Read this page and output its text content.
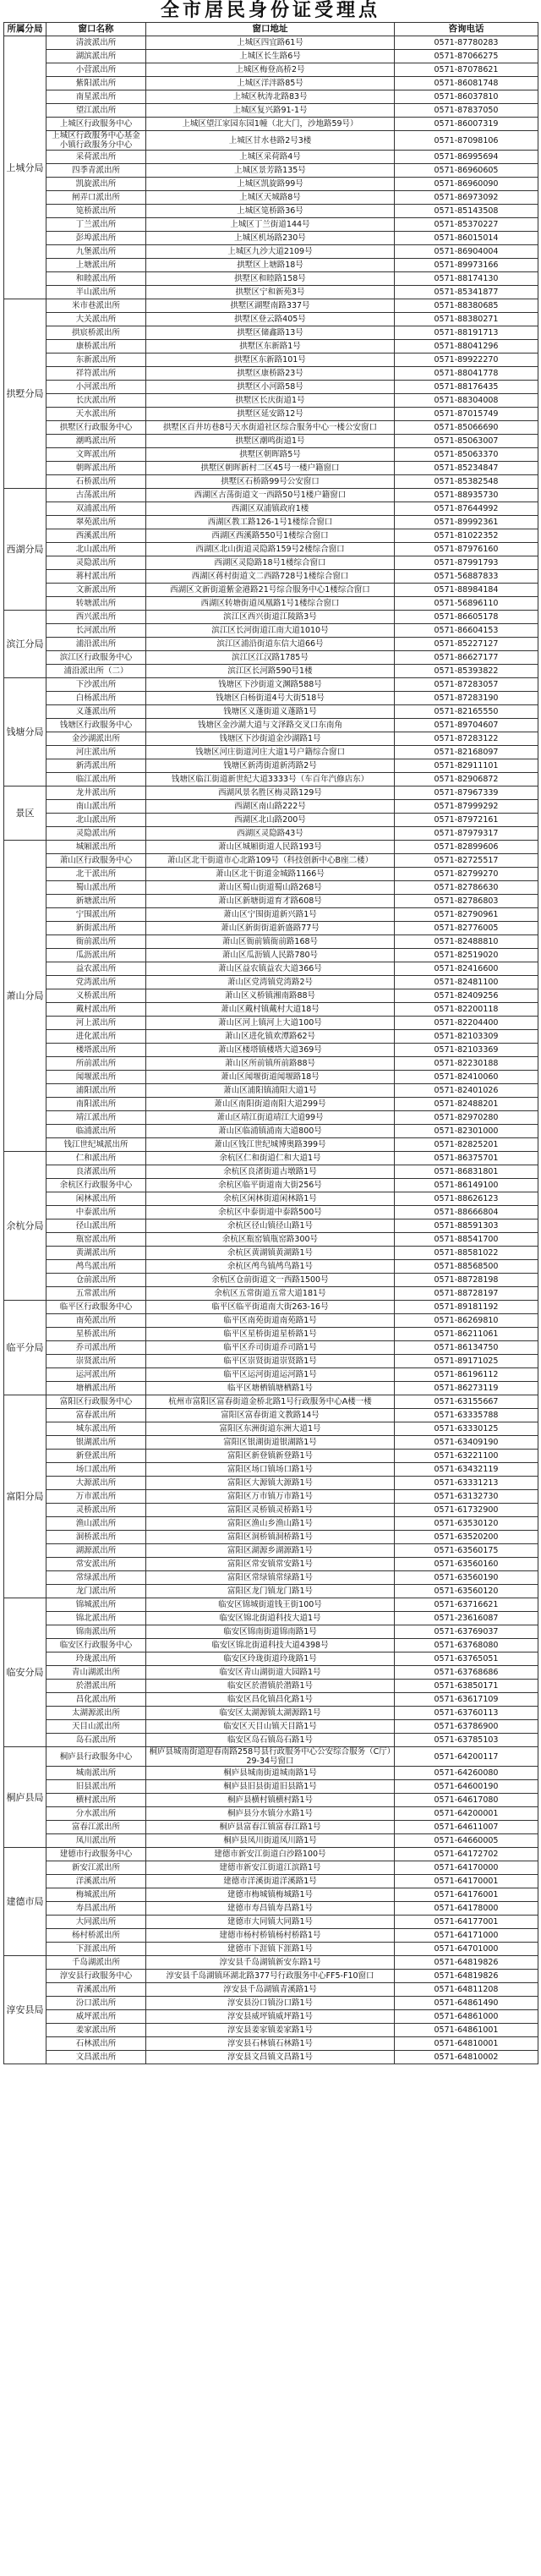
全市居民身份证受理点
所属分局	窗口名称	窗口地址	咨询电话
上城分局	清波派出所	上城区四宜路61号	0571-87780283
	湖滨派出所	上城区长生路6号	0571-87066275
	小营派出所	上城区梅登高桥2号	0571-87078621
	紫阳派出所	上城区洋泮路85号	0571-86081748
	南星派出所	上城区秋涛北路83号	0571-86037810
	望江派出所	上城区复兴路91-1号	0571-87837050
	上城区行政服务中心	上城区望江家园东园1幢（北大门，沙地路59号）	0571-86007319
	上城区行政服务中心基金小镇行政服务分中心	上城区甘水巷路2号3楼	0571-87098106
	采荷派出所	上城区采荷路4号	0571-86995694
	四季青派出所	上城区景芳路135号	0571-86960605
	凯旋派出所	上城区凯旋路99号	0571-86960090
	闸弄口派出所	上城区天城路8号	0571-86973092
	笕桥派出所	上城区笕桥路36号	0571-85143508
	丁兰派出所	上城区丁兰街道144号	0571-85370227
	彭埠派出所	上城区机场路230号	0571-86015014
	九堡派出所	上城区九沙大道2109号	0571-86904004
	上塘派出所	拱墅区上塘路18号	0571-89973166
	和睦派出所	拱墅区和睦路158号	0571-88174130
	半山派出所	拱墅区宁和新苑3号	0571-85341877
拱墅分局	米市巷派出所	拱墅区湖墅南路337号	0571-88380685
	大关派出所	拱墅区登云路405号	0571-88380271
	拱宸桥派出所	拱墅区储鑫路13号	0571-88191713
	康桥派出所	拱墅区东新路1号	0571-88041296
	东新派出所	拱墅区东新路101号	0571-89922270
	祥符派出所	拱墅区康桥路23号	0571-88041778
	小河派出所	拱墅区小河路58号	0571-88176435
	长庆派出所	拱墅区长庆街道1号	0571-88304008
	天水派出所	拱墅区延安路12号	0571-87015749
	拱墅区行政服务中心	拱墅区百井坊巷8号天水街道社区综合服务中心一楼公安窗口	0571-85066690
	潮鸣派出所	拱墅区潮鸣街道1号	0571-85063007
	文晖派出所	拱墅区朝晖路5号	0571-85063370
	朝晖派出所	拱墅区朝晖新村二区45号一楼户籍窗口	0571-85234847
	石桥派出所	拱墅区石桥路99号公安窗口	0571-85382548
西湖分局	古荡派出所	西湖区古荡街道文一西路50号1楼户籍窗口	0571-88935730
	双浦派出所	西湖区双浦镇政府1楼	0571-87644992
	翠苑派出所	西湖区教工路126-1号1楼综合窗口	0571-89992361
	西溪派出所	西湖区西溪路550号1楼综合窗口	0571-81022352
	北山派出所	西湖区北山街道灵隐路159号2楼综合窗口	0571-87976160
	灵隐派出所	西湖区灵隐路18号1楼综合窗口	0571-87991793
	蒋村派出所	西湖区蒋村街道文二西路728号1楼综合窗口	0571-56887833
	文新派出所	西湖区文新街道紫金港路21号综合服务中心1楼综合窗口	0571-88984184
	转塘派出所	西湖区转塘街道凤凰路1号1楼综合窗口	0571-56896110
滨江分局	西兴派出所	滨江区西兴街道江陵路3号	0571-86605178
	长河派出所	滨江区长河街道江南大道1010号	0571-86604153
	浦沿派出所	滨江区浦沿街道东信大道66号	0571-85227127
	滨江区行政服务中心	滨江区江汉路1785号	0571-86627177
	浦沿派出所（二）	滨江区长河路590号1楼	0571-85393822
钱塘分局	下沙派出所	钱塘区下沙街道文渊路588号	0571-87283057
	白杨派出所	钱塘区白杨街道4号大街518号	0571-87283190
	义蓬派出所	钱塘区义蓬街道义蓬路1号	0571-82165550
	钱塘区行政服务中心	钱塘区金沙湖大道与文泽路交叉口东南角	0571-89704607
	金沙湖派出所	钱塘区下沙街道金沙湖路1号	0571-87283122
	河庄派出所	钱塘区河庄街道河庄大道1号户籍综合窗口	0571-82168097
	新湾派出所	钱塘区新湾街道新湾路2号	0571-82911101
	临江派出所	钱塘区临江街道新世纪大道3333号（车百年汽修店东）	0571-82906872
景区	龙井派出所	西湖风景名胜区梅灵路129号	0571-87967339
	南山派出所	西湖区南山路222号	0571-87999292
	北山派出所	西湖区北山路200号	0571-87972161
	灵隐派出所	西湖区灵隐路43号	0571-87979317
萧山分局	城厢派出所	萧山区城厢街道人民路193号	0571-82899606
	萧山区行政服务中心	萧山区北干街道市心北路109号（科技创新中心B座二楼）	0571-82725517
	北干派出所	萧山区北干街道金城路1166号	0571-82799270
	蜀山派出所	萧山区蜀山街道蜀山路268号	0571-82786630
	新塘派出所	萧山区新塘街道育才路608号	0571-82786803
	宁围派出所	萧山区宁围街道新兴路1号	0571-82790961
	新街派出所	萧山区新街街道新盛路77号	0571-82776005
	衙前派出所	萧山区衙前镇衙前路168号	0571-82488810
	瓜沥派出所	萧山区瓜沥镇人民路780号	0571-82519020
	益农派出所	萧山区益农镇益农大道366号	0571-82416600
	党湾派出所	萧山区党湾镇党湾路2号	0571-82481100
	义桥派出所	萧山区义桥镇湘南路88号	0571-82409256
	戴村派出所	萧山区戴村镇戴村大道18号	0571-82200118
	河上派出所	萧山区河上镇河上大道100号	0571-82204400
	进化派出所	萧山区进化镇欢潭路62号	0571-82103309
	楼塔派出所	萧山区楼塔镇楼塔大道369号	0571-82103369
	所前派出所	萧山区所前镇所前路88号	0571-82230188
	闻堰派出所	萧山区闻堰街道闻堰路18号	0571-82410060
	浦阳派出所	萧山区浦阳镇浦阳大道1号	0571-82401026
	南阳派出所	萧山区南阳街道南阳大道299号	0571-82488201
	靖江派出所	萧山区靖江街道靖江大道99号	0571-82970280
	临浦派出所	萧山区临浦镇浦南大道800号	0571-82301000
	钱江世纪城派出所	萧山区钱江世纪城博奥路399号	0571-82825201
余杭分局	仁和派出所	余杭区仁和街道仁和大道1号	0571-86375701
	良渚派出所	余杭区良渚街道古墩路1号	0571-86831801
	余杭区行政服务中心	余杭区临平街道南大街256号	0571-86149100
	闲林派出所	余杭区闲林街道闲林路1号	0571-88626123
	中泰派出所	余杭区中泰街道中泰路500号	0571-88666804
	径山派出所	余杭区径山镇径山路1号	0571-88591303
	瓶窑派出所	余杭区瓶窑镇瓶窑路300号	0571-88541700
	黄湖派出所	余杭区黄湖镇黄湖路1号	0571-88581022
	鸬鸟派出所	余杭区鸬鸟镇鸬鸟路1号	0571-88568500
	仓前派出所	余杭区仓前街道文一西路1500号	0571-88728198
	五常派出所	余杭区五常街道五常大道181号	0571-88728197
临平分局	临平区行政服务中心	临平区临平街道南大街263-16号	0571-89181192
	南苑派出所	临平区南苑街道南苑路1号	0571-86269810
	星桥派出所	临平区星桥街道星桥路1号	0571-86211061
	乔司派出所	临平区乔司街道乔司路1号	0571-86134750
	崇贤派出所	临平区崇贤街道崇贤路1号	0571-89171025
	运河派出所	临平区运河街道运河路1号	0571-86196112
	塘栖派出所	临平区塘栖镇塘栖路1号	0571-86273119
富阳分局	富阳区行政服务中心	杭州市富阳区富春街道金桥北路1号行政服务中心A楼一楼	0571-63155667
	富春派出所	富阳区富春街道文教路14号	0571-63335788
	城东派出所	富阳区东洲街道东洲大道1号	0571-63330125
	银湖派出所	富阳区银湖街道银湖路1号	0571-63409190
	新登派出所	富阳区新登镇新登路1号	0571-63221100
	场口派出所	富阳区场口镇场口路1号	0571-63432119
	大源派出所	富阳区大源镇大源路1号	0571-63331213
	万市派出所	富阳区万市镇万市路1号	0571-63132730
	灵桥派出所	富阳区灵桥镇灵桥路1号	0571-61732900
	渔山派出所	富阳区渔山乡渔山路1号	0571-63530120
	洞桥派出所	富阳区洞桥镇洞桥路1号	0571-63520200
	湖源派出所	富阳区湖源乡湖源路1号	0571-63560175
	常安派出所	富阳区常安镇常安路1号	0571-63560160
	常绿派出所	富阳区常绿镇常绿路1号	0571-63560190
	龙门派出所	富阳区龙门镇龙门路1号	0571-63560120
临安分局	锦城派出所	临安区锦城街道钱王街100号	0571-63716621
	锦北派出所	临安区锦北街道科技大道1号	0571-23616087
	锦南派出所	临安区锦南街道锦南路1号	0571-63769037
	临安区行政服务中心	临安区锦北街道科技大道4398号	0571-63768080
	玲珑派出所	临安区玲珑街道玲珑路1号	0571-63765051
	青山湖派出所	临安区青山湖街道大园路1号	0571-63768686
	於潜派出所	临安区於潜镇於潜路1号	0571-63850171
	昌化派出所	临安区昌化镇昌化路1号	0571-63617109
	太湖源派出所	临安区太湖源镇太湖源路1号	0571-63760113
	天目山派出所	临安区天目山镇天目路1号	0571-63786900
	岛石派出所	临安区岛石镇岛石路1号	0571-63785103
桐庐县局	桐庐县行政服务中心	桐庐县城南街道迎春南路258号县行政服务中心公安综合服务（C厅）29-34号窗口	0571-64200117
	城南派出所	桐庐县城南街道城南路1号	0571-64260080
	旧县派出所	桐庐县旧县街道旧县路1号	0571-64600190
	横村派出所	桐庐县横村镇横村路1号	0571-64617080
	分水派出所	桐庐县分水镇分水路1号	0571-64200001
	富春江派出所	桐庐县富春江镇富春江路1号	0571-64611007
	凤川派出所	桐庐县凤川街道凤川路1号	0571-64660005
建德市局	建德市行政服务中心	建德市新安江街道白沙路100号	0571-64172702
	新安江派出所	建德市新安江街道江滨路1号	0571-64170000
	洋溪派出所	建德市洋溪街道洋溪路1号	0571-64170001
	梅城派出所	建德市梅城镇梅城路1号	0571-64176001
	寿昌派出所	建德市寿昌镇寿昌路1号	0571-64178000
	大同派出所	建德市大同镇大同路1号	0571-64177001
	杨村桥派出所	建德市杨村桥镇杨村桥路1号	0571-64171000
	下涯派出所	建德市下涯镇下涯路1号	0571-64701000
淳安县局	千岛湖派出所	淳安县千岛湖镇新安东路1号	0571-64819826
	淳安县行政服务中心	淳安县千岛湖镇环湖北路377号行政服务中心FF5-F10窗口	0571-64819826
	青溪派出所	淳安县千岛湖镇青溪路1号	0571-64811208
	汾口派出所	淳安县汾口镇汾口路1号	0571-64861490
	威坪派出所	淳安县威坪镇威坪路1号	0571-64861000
	姜家派出所	淳安县姜家镇姜家路1号	0571-64861001
	石林派出所	淳安县石林镇石林路1号	0571-64810001
	文昌派出所	淳安县文昌镇文昌路1号	0571-64810002
